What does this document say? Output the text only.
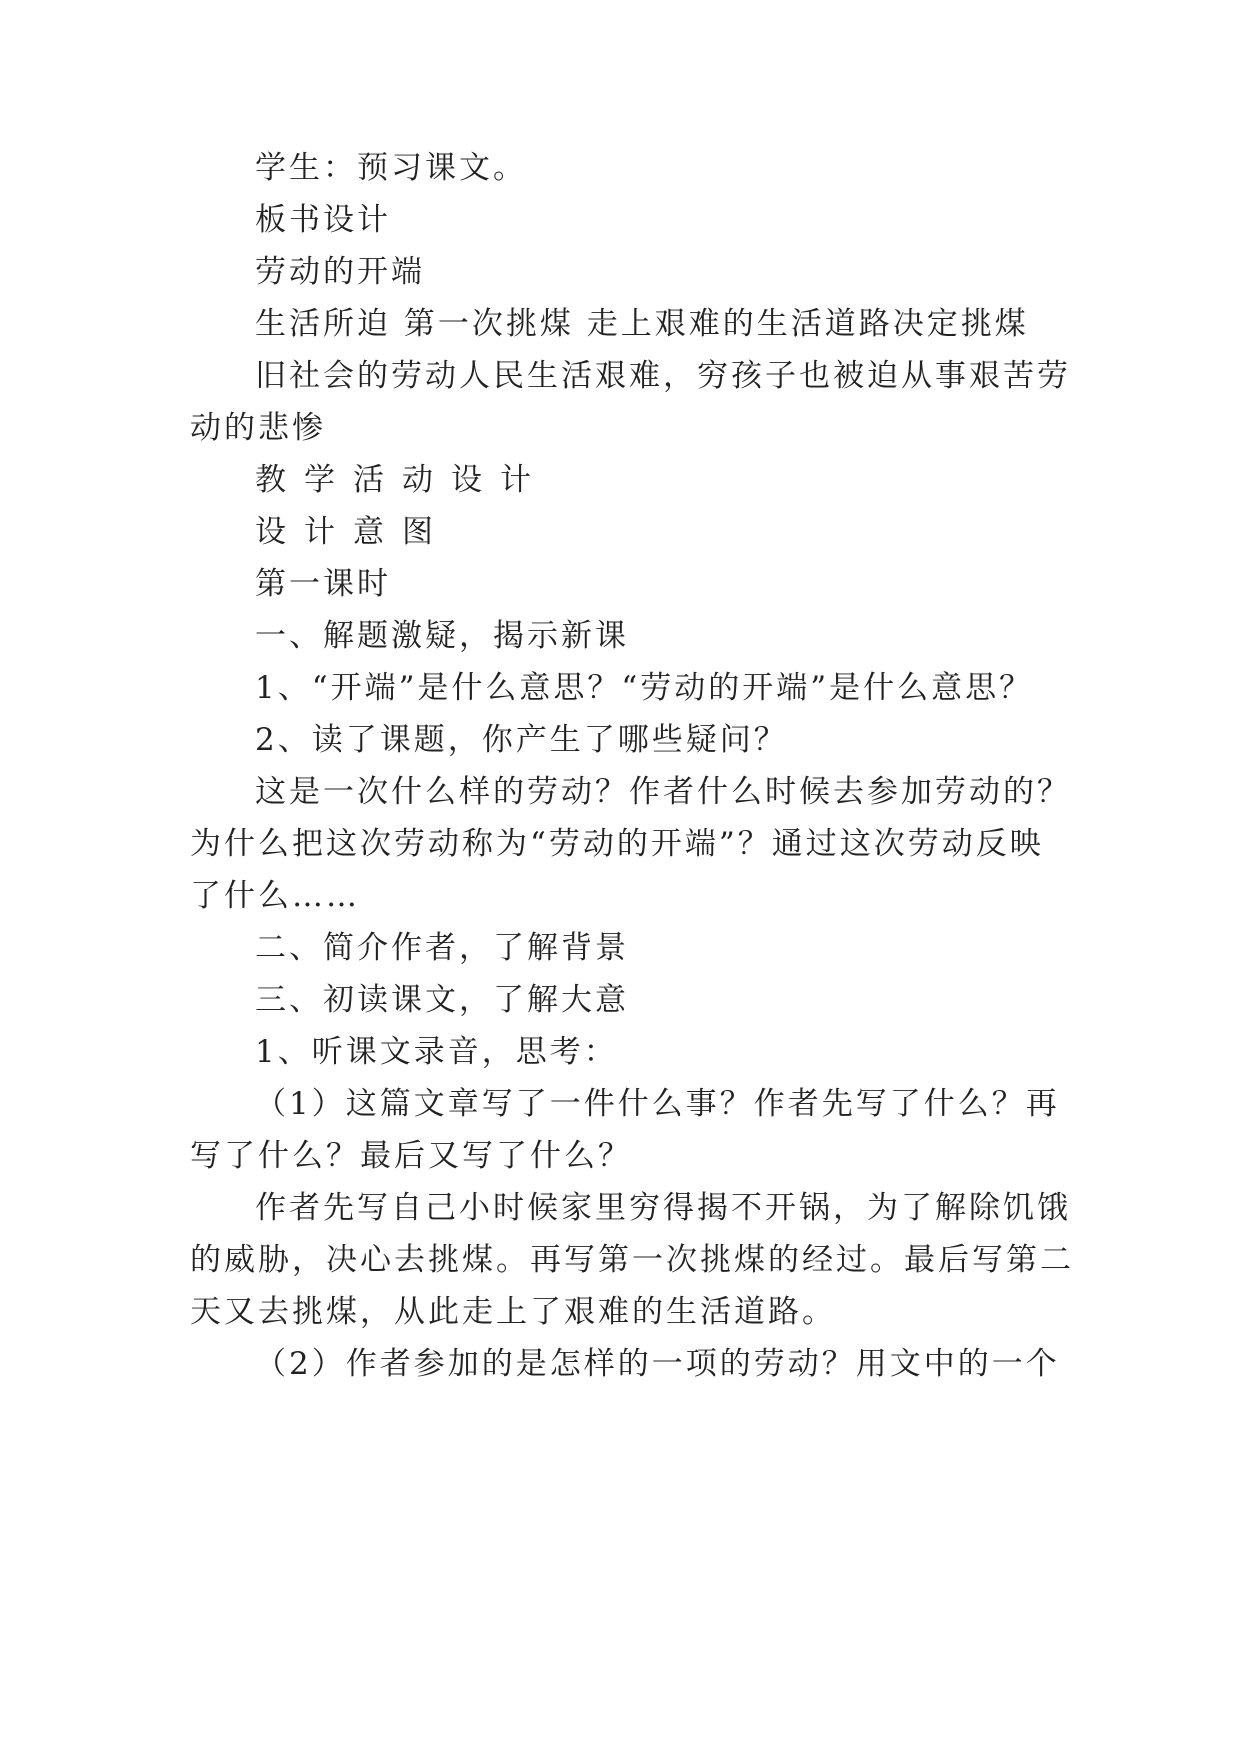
学生：预习课文。
板书设计
劳动的开端
生活所迫 第一次挑煤 走上艰难的生活道路决定挑煤
旧社会的劳动人民生活艰难，穷孩子也被迫从事艰苦劳
动的悲惨
教学活动设计
设计意图
第一课时
一、解题激疑，揭示新课
1、“开端”是什么意思？“劳动的开端”是什么意思？
2、读了课题，你产生了哪些疑问？
这是一次什么样的劳动？作者什么时候去参加劳动的？
为什么把这次劳动称为“劳动的开端”？通过这次劳动反映
了什么……
二、简介作者，了解背景
三、初读课文，了解大意
1、听课文录音，思考：
（1）这篇文章写了一件什么事？作者先写了什么？再
写了什么？最后又写了什么？
作者先写自己小时候家里穷得揭不开锅，为了解除饥饿
的威胁，决心去挑煤。再写第一次挑煤的经过。最后写第二
天又去挑煤，从此走上了艰难的生活道路。
（2）作者参加的是怎样的一项的劳动？用文中的一个
